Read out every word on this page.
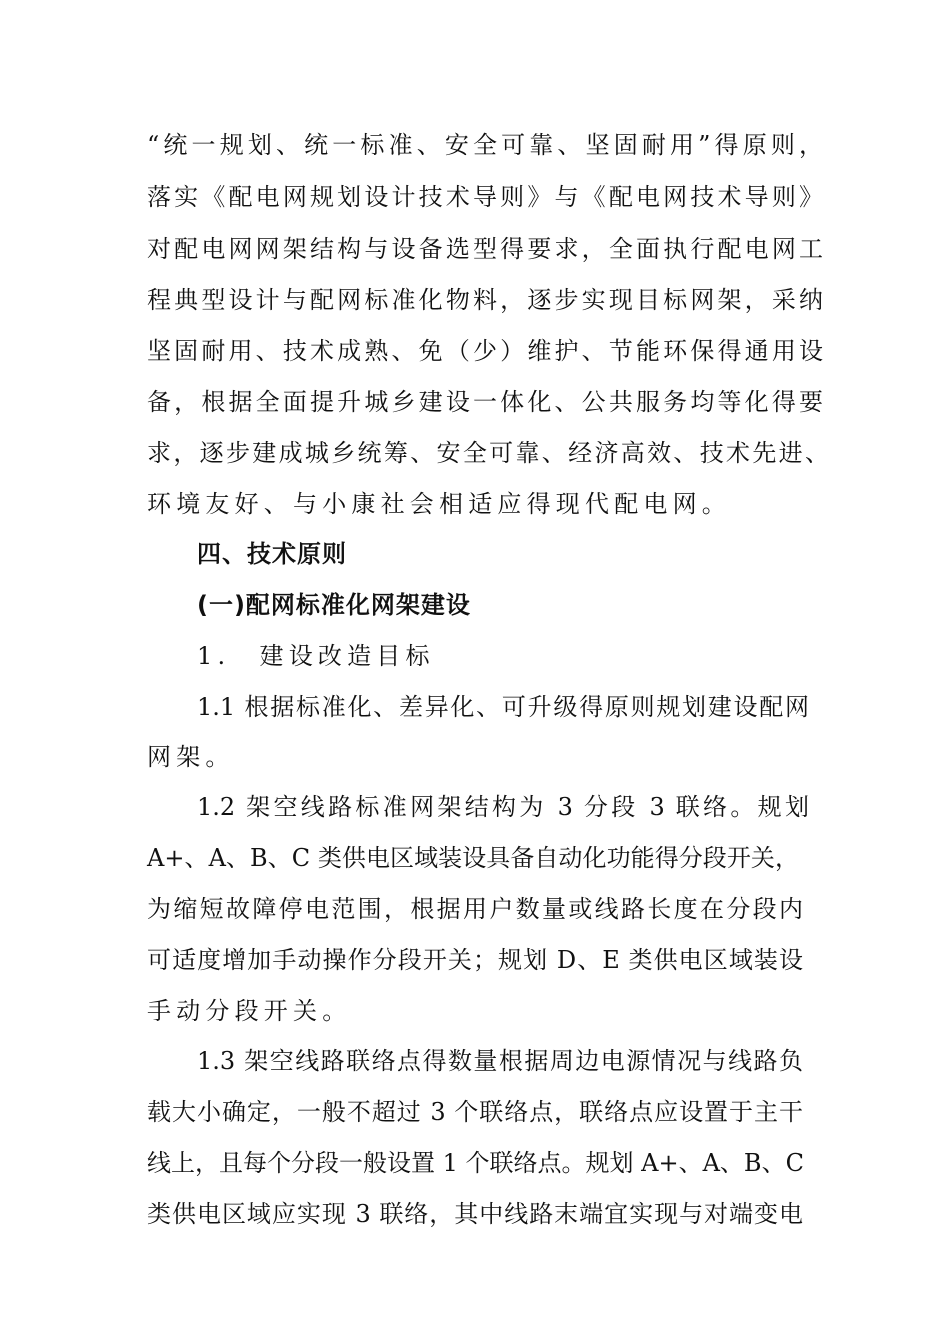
“统一规划、统一标准、安全可靠、坚固耐用”得原则，
落实《配电网规划设计技术导则》与《配电网技术导则》
对配电网网架结构与设备选型得要求，全面执行配电网工
程典型设计与配网标准化物料，逐步实现目标网架，采纳
坚固耐用、技术成熟、免（少）维护、节能环保得通用设
备，根据全面提升城乡建设一体化、公共服务均等化得要
求，逐步建成城乡统筹、安全可靠、经济高效、技术先进、
环境友好、与小康社会相适应得现代配电网。
四、技术原则
(一)配网标准化网架建设
1.　建设改造目标
1.1 根据标准化、差异化、可升级得原则规划建设配网
网架。
1.2 架空线路标准网架结构为 3 分段 3 联络。规划
A+、A、B、C 类供电区域装设具备自动化功能得分段开关，
为缩短故障停电范围，根据用户数量或线路长度在分段内
可适度增加手动操作分段开关；规划 D、E 类供电区域装设
手动分段开关。
1.3 架空线路联络点得数量根据周边电源情况与线路负
载大小确定，一般不超过 3 个联络点，联络点应设置于主干
线上，且每个分段一般设置 1 个联络点。规划 A+、A、B、C
类供电区域应实现 3 联络，其中线路末端宜实现与对端变电
